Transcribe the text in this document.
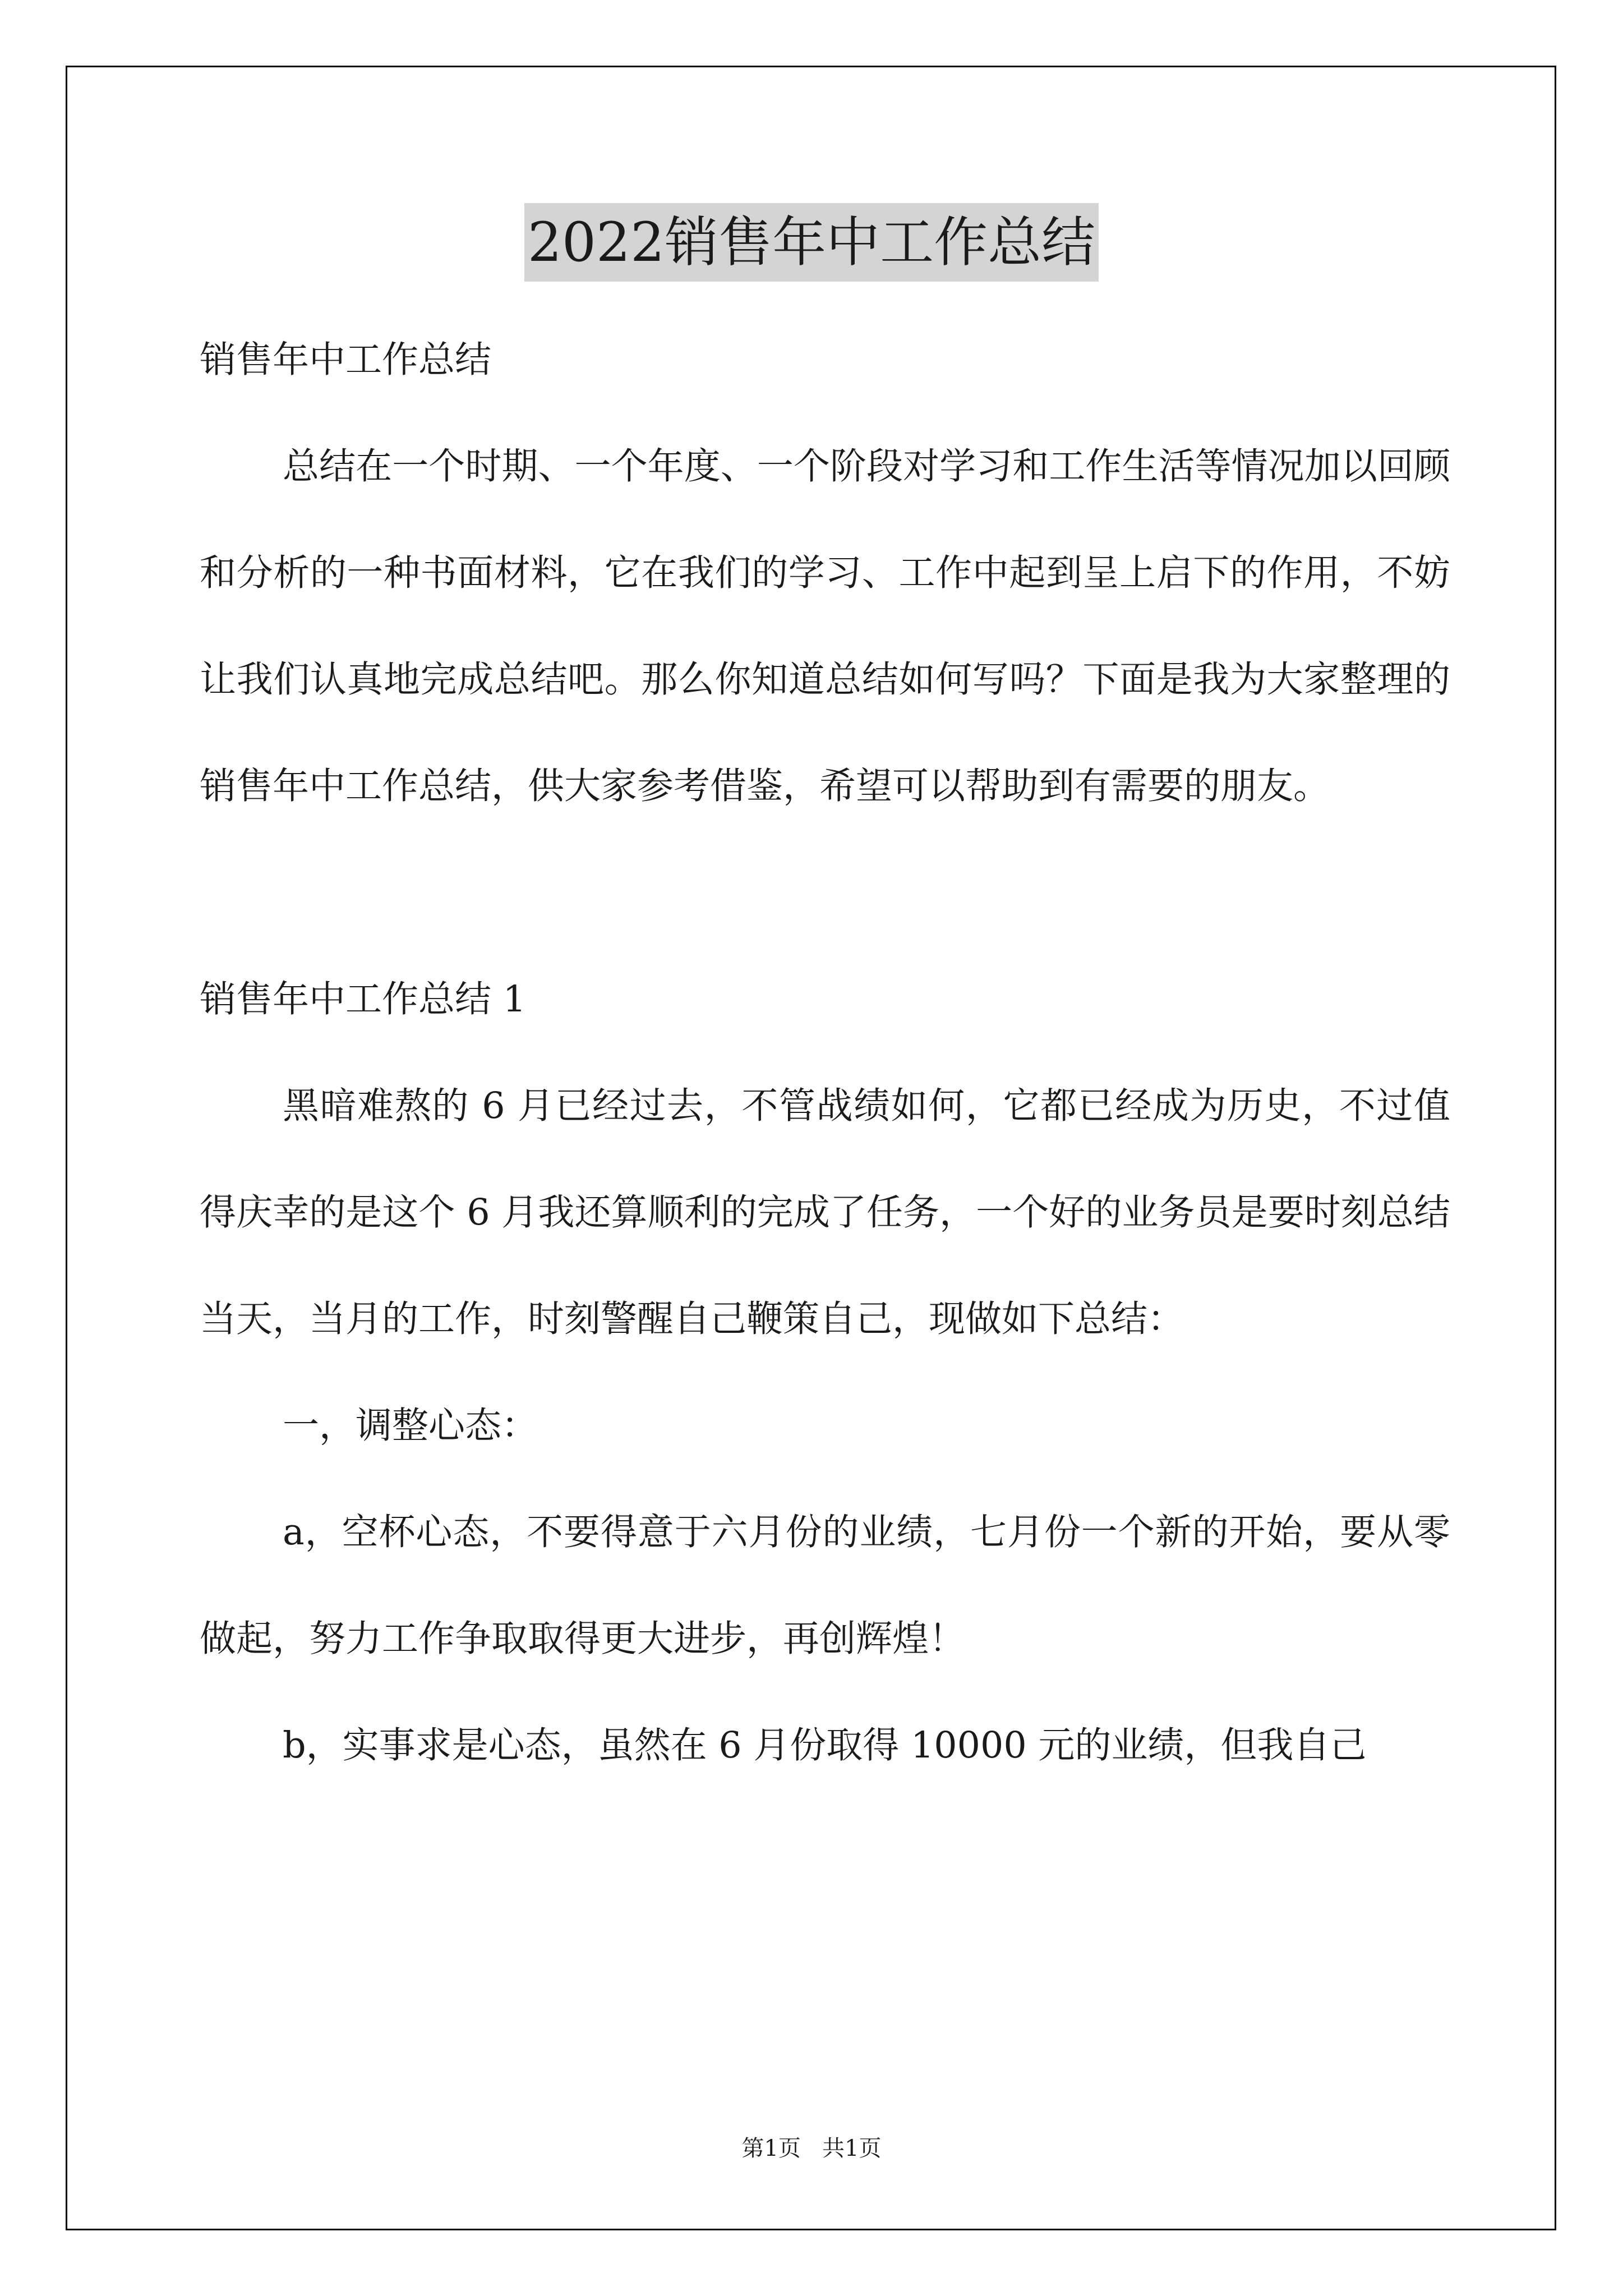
2022销售年中工作总结

销售年中工作总结

总结在一个时期、一个年度、一个阶段对学习和工作生活等情况加以回顾和分析的一种书面材料，它在我们的学习、工作中起到呈上启下的作用，不妨让我们认真地完成总结吧。那么你知道总结如何写吗？下面是我为大家整理的销售年中工作总结，供大家参考借鉴，希望可以帮助到有需要的朋友。

销售年中工作总结 1

黑暗难熬的 6 月已经过去，不管战绩如何，它都已经成为历史，不过值得庆幸的是这个 6 月我还算顺利的完成了任务，一个好的业务员是要时刻总结当天，当月的工作，时刻警醒自己鞭策自己，现做如下总结：

一，调整心态：

a，空杯心态，不要得意于六月份的业绩，七月份一个新的开始，要从零做起，努力工作争取取得更大进步，再创辉煌！

b，实事求是心态，虽然在 6 月份取得 10000 元的业绩，但我自己

第1页   共1页
